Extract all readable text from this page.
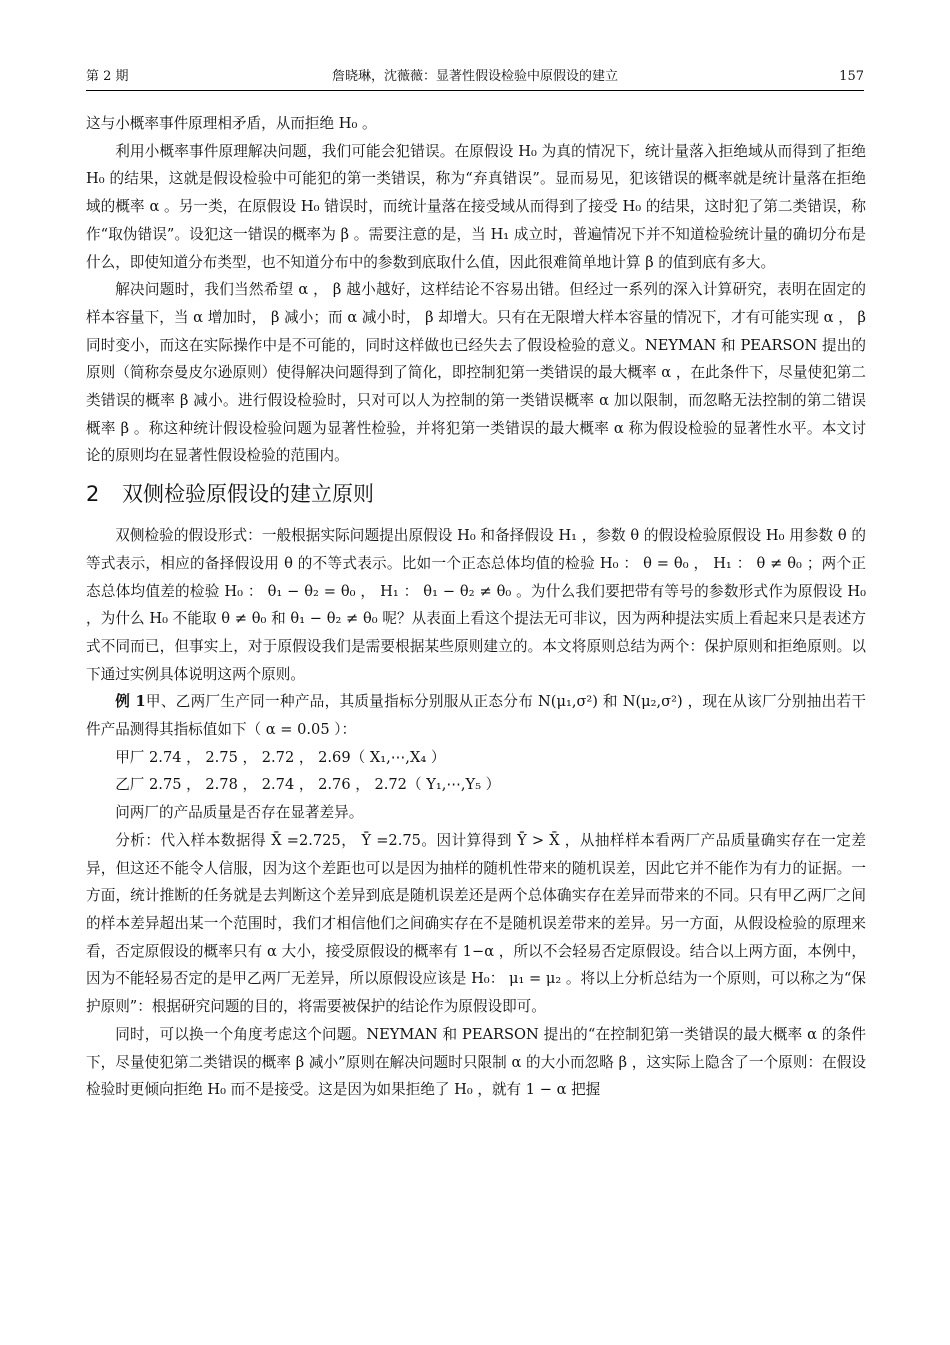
第 2 期	詹晓琳，沈薇薇：显著性假设检验中原假设的建立	157

这与小概率事件原理相矛盾，从而拒绝 H₀ 。

利用小概率事件原理解决问题，我们可能会犯错误。在原假设 H₀ 为真的情况下，统计量落入拒绝域从而得到了拒绝 H₀ 的结果，这就是假设检验中可能犯的第一类错误，称为“弃真错误”。显而易见，犯该错误的概率就是统计量落在拒绝域的概率 α 。另一类，在原假设 H₀ 错误时，而统计量落在接受域从而得到了接受 H₀ 的结果，这时犯了第二类错误，称作“取伪错误”。设犯这一错误的概率为 β 。需要注意的是，当 H₁ 成立时，普遍情况下并不知道检验统计量的确切分布是什么，即使知道分布类型，也不知道分布中的参数到底取什么值，因此很难简单地计算 β 的值到底有多大。

解决问题时，我们当然希望 α ， β 越小越好，这样结论不容易出错。但经过一系列的深入计算研究，表明在固定的样本容量下，当 α 增加时， β 减小；而 α 减小时， β 却增大。只有在无限增大样本容量的情况下，才有可能实现 α ， β 同时变小，而这在实际操作中是不可能的，同时这样做也已经失去了假设检验的意义。NEYMAN 和 PEARSON 提出的原则（简称奈曼皮尔逊原则）使得解决问题得到了简化，即控制犯第一类错误的最大概率 α ，在此条件下，尽量使犯第二类错误的概率 β 减小。进行假设检验时，只对可以人为控制的第一类错误概率 α 加以限制，而忽略无法控制的第二错误概率 β 。称这种统计假设检验问题为显著性检验，并将犯第一类错误的最大概率 α 称为假设检验的显著性水平。本文讨论的原则均在显著性假设检验的范围内。

2 双侧检验原假设的建立原则

双侧检验的假设形式：一般根据实际问题提出原假设 H₀ 和备择假设 H₁ ，参数 θ 的假设检验原假设 H₀ 用参数 θ 的等式表示，相应的备择假设用 θ 的不等式表示。比如一个正态总体均值的检验 H₀ ： θ = θ₀ ， H₁ ： θ ≠ θ₀ ；两个正态总体均值差的检验 H₀ ： θ₁ − θ₂ = θ₀ ， H₁ ： θ₁ − θ₂ ≠ θ₀ 。为什么我们要把带有等号的参数形式作为原假设 H₀ ，为什么 H₀ 不能取 θ ≠ θ₀ 和 θ₁ − θ₂ ≠ θ₀ 呢？从表面上看这个提法无可非议，因为两种提法实质上看起来只是表述方式不同而已，但事实上，对于原假设我们是需要根据某些原则建立的。本文将原则总结为两个：保护原则和拒绝原则。以下通过实例具体说明这两个原则。

例 1甲、乙两厂生产同一种产品，其质量指标分别服从正态分布 N(μ₁,σ²) 和 N(μ₂,σ²) ，现在从该厂分别抽出若干件产品测得其指标值如下（ α = 0.05 ）：

甲厂 2.74 ， 2.75 ， 2.72 ， 2.69（ X₁,⋯,X₄ ）

乙厂 2.75 ， 2.78 ， 2.74 ， 2.76 ， 2.72（ Y₁,⋯,Y₅ ）

问两厂的产品质量是否存在显著差异。

分析：代入样本数据得 X̄ =2.725， Ȳ =2.75。因计算得到 Ȳ > X̄ ，从抽样样本看两厂产品质量确实存在一定差异，但这还不能令人信服，因为这个差距也可以是因为抽样的随机性带来的随机误差，因此它并不能作为有力的证据。一方面，统计推断的任务就是去判断这个差异到底是随机误差还是两个总体确实存在差异而带来的不同。只有甲乙两厂之间的样本差异超出某一个范围时，我们才相信他们之间确实存在不是随机误差带来的差异。另一方面，从假设检验的原理来看，否定原假设的概率只有 α 大小，接受原假设的概率有 1−α ，所以不会轻易否定原假设。结合以上两方面，本例中，因为不能轻易否定的是甲乙两厂无差异，所以原假设应该是 H₀： μ₁ = μ₂ 。将以上分析总结为一个原则，可以称之为“保护原则”：根据研究问题的目的，将需要被保护的结论作为原假设即可。

同时，可以换一个角度考虑这个问题。NEYMAN 和 PEARSON 提出的“在控制犯第一类错误的最大概率 α 的条件下，尽量使犯第二类错误的概率 β 减小”原则在解决问题时只限制 α 的大小而忽略 β ，这实际上隐含了一个原则：在假设检验时更倾向拒绝 H₀ 而不是接受。这是因为如果拒绝了 H₀ ，就有 1 − α 把握
